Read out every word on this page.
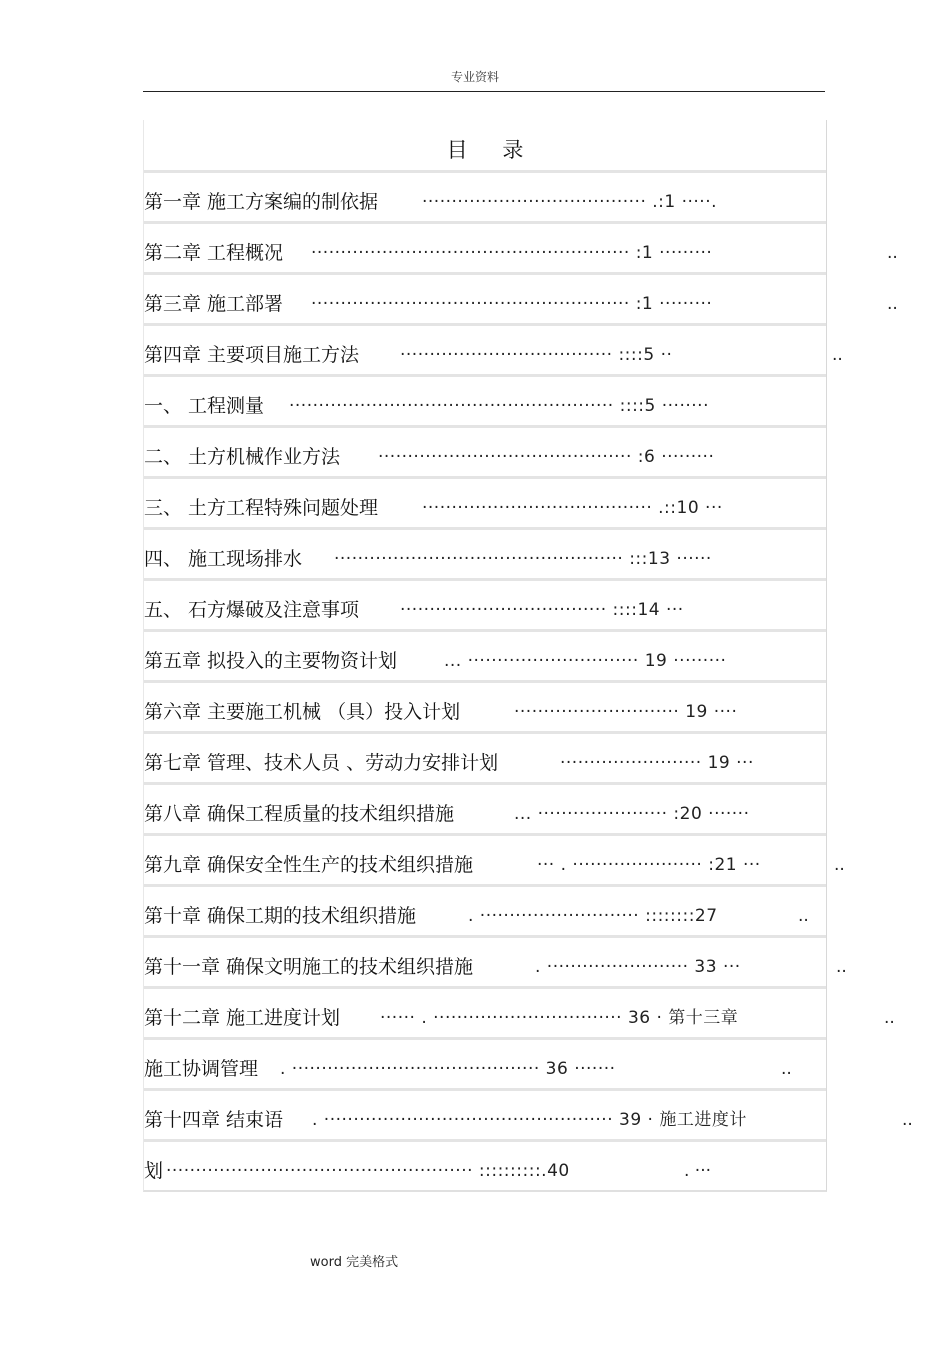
专业资料
目 录
第一章 施工方案编的制依据	······································ .:1 ·····.
第二章 工程概况 ······················································ :1 ·········	..
第三章 施工部署 ······················································ :1 ·········	..
第四章 主要项目施工方法 ···································· ::::5 ··	..
一、 工程测量 ······················································· ::::5 ········
二、 土方机械作业方法 ··········································· :6 ·········
三、 土方工程特殊问题处理	······································· .::10 ···
四、 施工现场排水 ················································· :::13 ······
五、 石方爆破及注意事项 ··································· ::::14 ···
第五章 拟投入的主要物资计划	... ····························· 19 ·········
第六章 主要施工机械 （具）投入计划	···························· 19 ····
第七章 管理、技术人员 、劳动力安排计划	························ 19 ···
第八章 确保工程质量的技术组织措施	... ······················ :20 ·······
第九章 确保安全性生产的技术组织措施	··· . ······················ :21 ···	..
第十章 确保工期的技术组织措施	. ··························· ::::::::27	..
第十一章 确保文明施工的技术组织措施	. ························ 33 ···	..
第十二章 施工进度计划 ······ . ································ 36 · 第十三章	..
施工协调管理 . ·········································· 36 ·······	..
第十四章 结束语 . ················································· 39 · 施工进度计	..
划 ···················································· ::::::::::.40	. ···
word 完美格式
